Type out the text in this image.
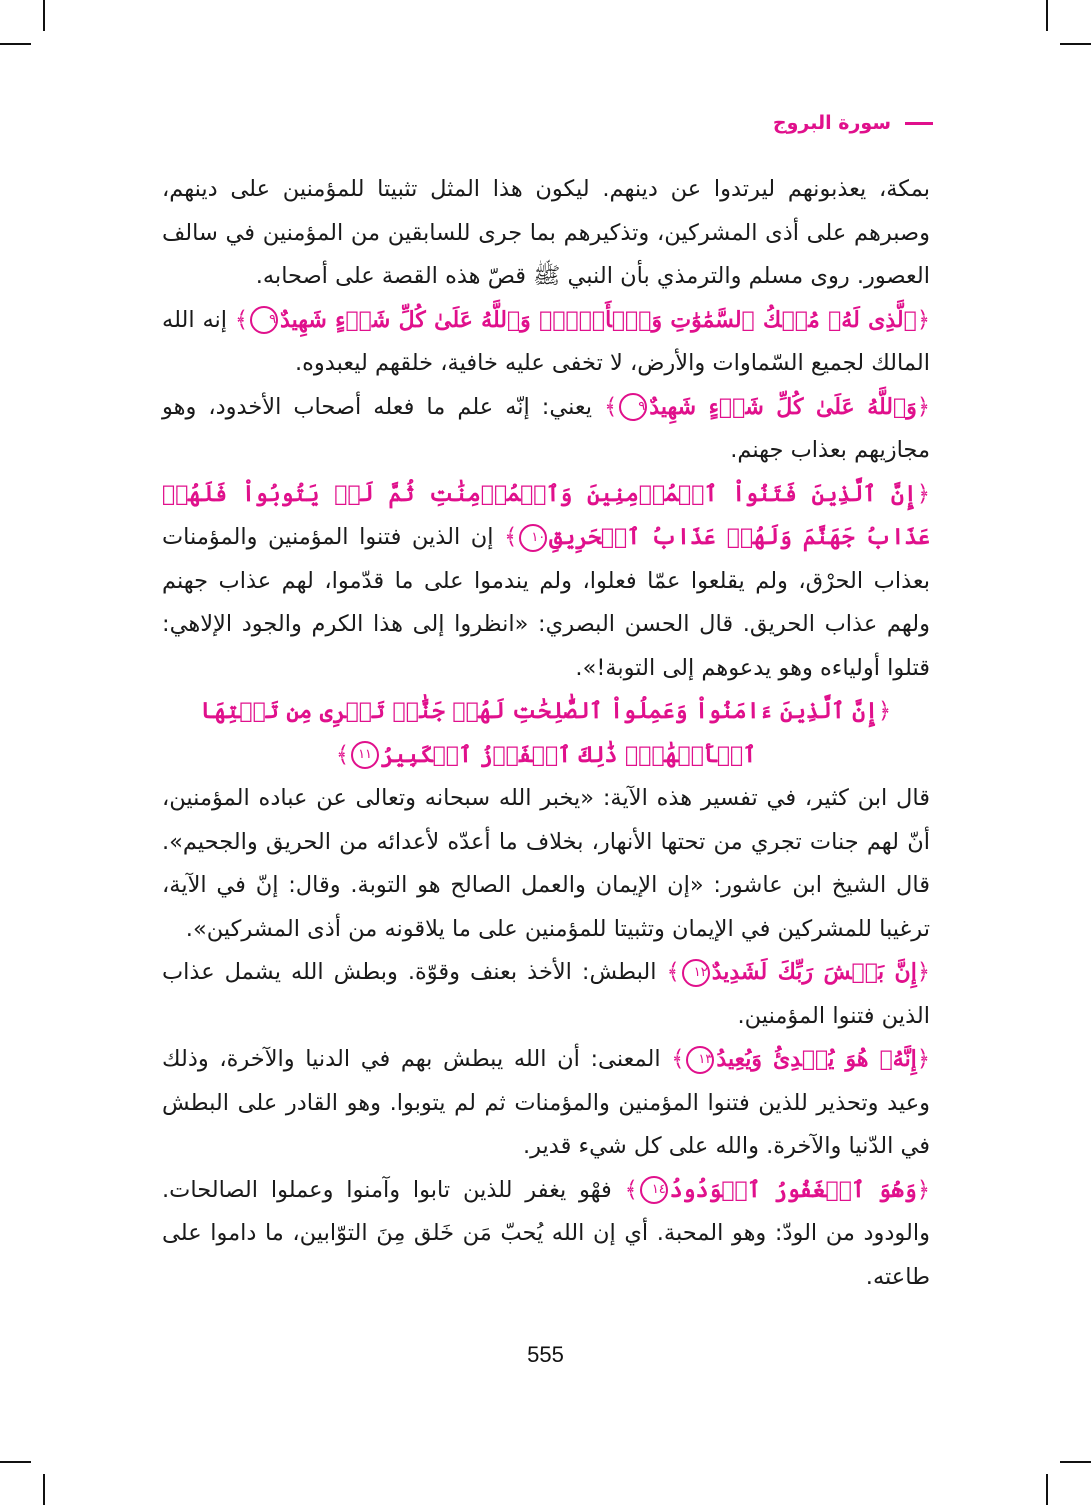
سورة البروج

بمكة، يعذبونهم ليرتدوا عن دينهم. ليكون هذا المثل تثبيتا للمؤمنين على دينهم، وصبرهم على أذى المشركين، وتذكيرهم بما جرى للسابقين من المؤمنين في سالف العصور. روى مسلم والترمذي بأن النبي ﷺ قصّ هذه القصة على أصحابه.

﴿ٱلَّذِى لَهُۥ مُلۡكُ ٱلسَّمَٰوَٰتِ وَٱلۡأَرۡضِۚ وَٱللَّهُ عَلَىٰ كُلِّ شَىۡءٍ شَهِيدٌ٩﴾ إنه الله المالك لجميع السّماوات والأرض، لا تخفى عليه خافية، خلقهم ليعبدوه.

﴿وَٱللَّهُ عَلَىٰ كُلِّ شَىۡءٍ شَهِيدٌ٩﴾ يعني: إنّه علم ما فعله أصحاب الأخدود، وهو مجازيهم بعذاب جهنم.

﴿إِنَّ ٱلَّذِينَ فَتَنُواْ ٱلۡمُؤۡمِنِينَ وَٱلۡمُؤۡمِنَٰتِ ثُمَّ لَمۡ يَتُوبُواْ فَلَهُمۡ عَذَابُ جَهَنَّمَ وَلَهُمۡ عَذَابُ ٱلۡحَرِيقِ١٠﴾ إن الذين فتنوا المؤمنين والمؤمنات بعذاب الحرْق، ولم يقلعوا عمّا فعلوا، ولم يندموا على ما قدّموا، لهم عذاب جهنم ولهم عذاب الحريق. قال الحسن البصري: «انظروا إلى هذا الكرم والجود الإلاهي: قتلوا أولياءه وهو يدعوهم إلى التوبة!».

﴿إِنَّ ٱلَّذِينَ ءَامَنُواْ وَعَمِلُواْ ٱلصَّٰلِحَٰتِ لَهُمۡ جَنَّٰتٞ تَجۡرِى مِن تَحۡتِهَا ٱلۡأَنۡهَٰرُۚ ذَٰلِكَ ٱلۡفَوۡزُ ٱلۡكَبِيرُ١١﴾

قال ابن كثير، في تفسير هذه الآية: «يخبر الله سبحانه وتعالى عن عباده المؤمنين، أنّ لهم جنات تجري من تحتها الأنهار، بخلاف ما أعدّه لأعدائه من الحريق والجحيم». قال الشيخ ابن عاشور: «إن الإيمان والعمل الصالح هو التوبة. وقال: إنّ في الآية، ترغيبا للمشركين في الإيمان وتثبيتا للمؤمنين على ما يلاقونه من أذى المشركين».

﴿إِنَّ بَطۡشَ رَبِّكَ لَشَدِيدٌ١٢﴾ البطش: الأخذ بعنف وقوّة. وبطش الله يشمل عذاب الذين فتنوا المؤمنين.

﴿إِنَّهُۥ هُوَ يُبۡدِئُ وَيُعِيدُ١٣﴾ المعنى: أن الله يبطش بهم في الدنيا والآخرة، وذلك وعيد وتحذير للذين فتنوا المؤمنين والمؤمنات ثم لم يتوبوا. وهو القادر على البطش في الدّنيا والآخرة. والله على كل شيء قدير.

﴿وَهُوَ ٱلۡغَفُورُ ٱلۡوَدُودُ١٤﴾ فهْو يغفر للذين تابوا وآمنوا وعملوا الصالحات. والودود من الودّ: وهو المحبة. أي إن الله يُحبّ مَن خَلق مِنَ التوّابين، ما داموا على طاعته.

555
